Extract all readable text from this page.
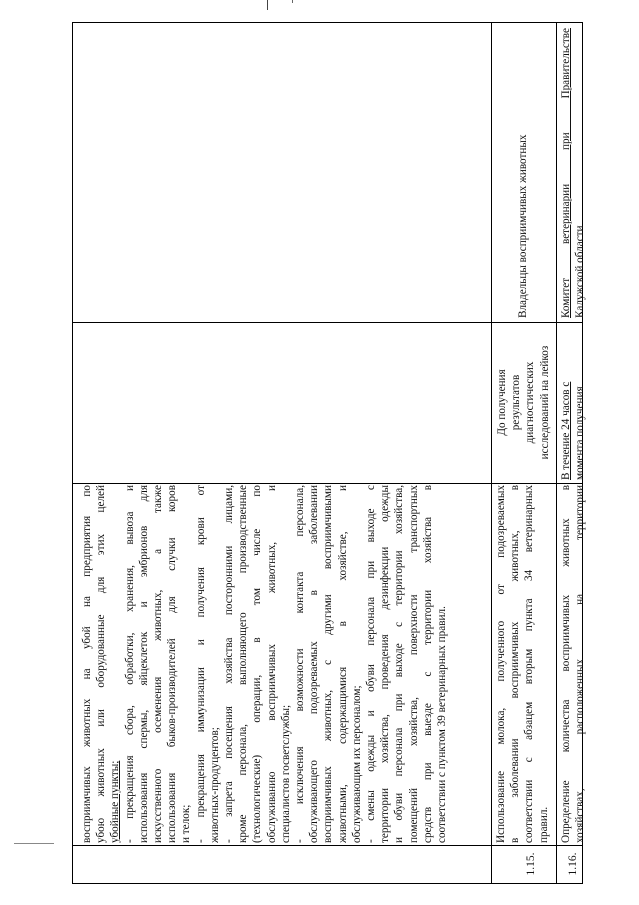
восприимчивых животных на убой на предприятия по убою животных или оборудованные для этих целей убойные пункты; - прекращения сбора, обработки, хранения, вывоза и использования спермы, яйцеклеток и эмбрионов для искусственного осеменения животных, а также использования быков-производителей для случки коров и телок; - прекращения иммунизации и получения крови от животных-продуцентов; - запрета посещения хозяйства посторонними лицами, кроме персонала, выполняющего производственные (технологические) операции, в том числе по обслуживанию восприимчивых животных, и специалистов госветслужбы; - исключения возможности контакта персонала, обслуживающего подозреваемых в заболевании восприимчивых животных, с другими восприимчивыми животными, содержащимися в хозяйстве, и обслуживающим их персоналом; - смены одежды и обуви персонала при выходе с территории хозяйства, проведения дезинфекции одежды и обуви персонала при выходе с территории хозяйства, помещений хозяйства, поверхности транспортных средств при выезде с территории хозяйства в соответствии с пунктом 39 ветеринарных правил.
1.15.
Использование молока, полученного от подозреваемых в заболевании восприимчивых животных, в соответствии с абзацем вторым пункта 34 ветеринарных правил.
До получения результатов диагностических исследований на лейкоз
Владельцы восприимчивых животных
1.16.
Определение количества восприимчивых животных в хозяйствах, расположенных на территории
В течение 24 часов с момента получения
Комитет ветеринарии при Правительстве Калужской области
